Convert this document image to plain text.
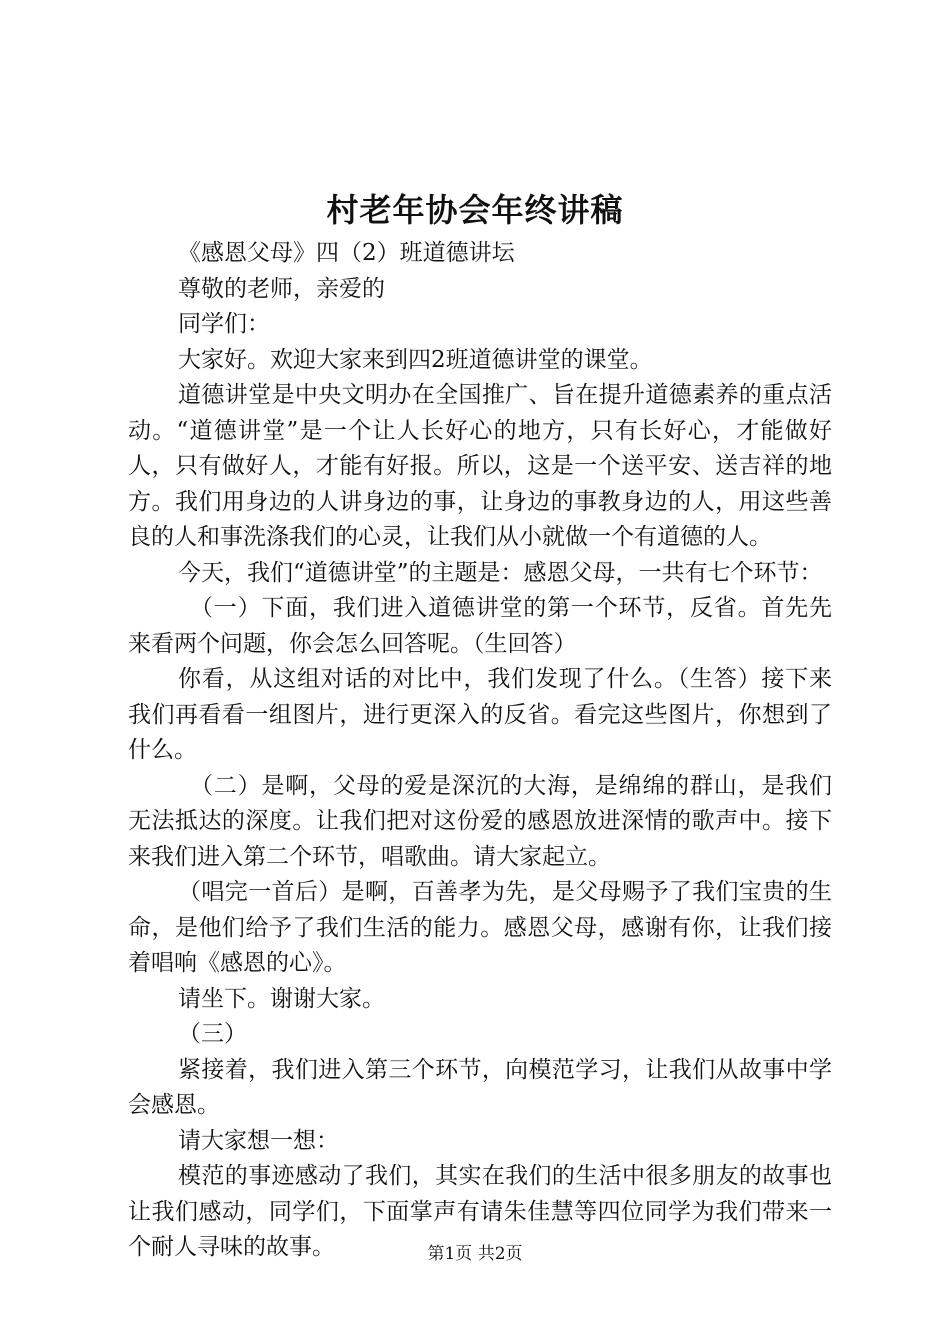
村老年协会年终讲稿

《感恩父母》四（2）班道德讲坛

尊敬的老师，亲爱的

同学们：

大家好。欢迎大家来到四2班道德讲堂的课堂。

道德讲堂是中央文明办在全国推广、旨在提升道德素养的重点活动。“道德讲堂”是一个让人长好心的地方，只有长好心，才能做好人，只有做好人，才能有好报。所以，这是一个送平安、送吉祥的地方。我们用身边的人讲身边的事，让身边的事教身边的人，用这些善良的人和事洗涤我们的心灵，让我们从小就做一个有道德的人。

今天，我们“道德讲堂”的主题是：感恩父母，一共有七个环节：

（一）下面，我们进入道德讲堂的第一个环节，反省。首先先来看两个问题，你会怎么回答呢。（生回答）

你看，从这组对话的对比中，我们发现了什么。（生答）接下来我们再看看一组图片，进行更深入的反省。看完这些图片，你想到了什么。

（二）是啊，父母的爱是深沉的大海，是绵绵的群山，是我们无法抵达的深度。让我们把对这份爱的感恩放进深情的歌声中。接下来我们进入第二个环节，唱歌曲。请大家起立。

（唱完一首后）是啊，百善孝为先，是父母赐予了我们宝贵的生命，是他们给予了我们生活的能力。感恩父母，感谢有你，让我们接着唱响《感恩的心》。

请坐下。谢谢大家。

（三）

紧接着，我们进入第三个环节，向模范学习，让我们从故事中学会感恩。

请大家想一想：

模范的事迹感动了我们，其实在我们的生活中很多朋友的故事也让我们感动，同学们，下面掌声有请朱佳慧等四位同学为我们带来一个耐人寻味的故事。	第1页 共2页
